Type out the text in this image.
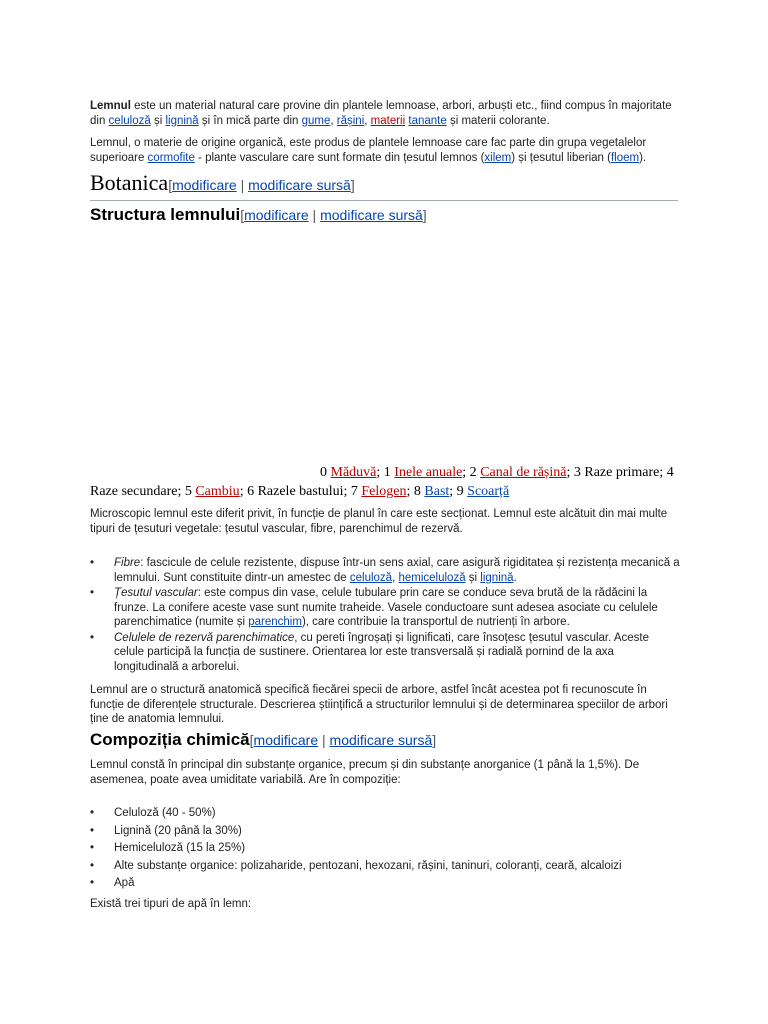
Lemnul este un material natural care provine din plantele lemnoase, arbori, arbuști etc., fiind compus în majoritate din celuloză și lignină și în mică parte din gume, rășini, materii tanante și materii colorante.

Lemnul, o materie de origine organică, este produs de plantele lemnoase care fac parte din grupa vegetalelor superioare cormofite - plante vasculare care sunt formate din țesutul lemnos (xilem) și țesutul liberian (floem).

Botanica[modificare | modificare sursă]
Structura lemnului[modificare | modificare sursă]
0 Măduvă; 1 Inele anuale; 2 Canal de rășină; 3 Raze primare; 4 Raze secundare; 5 Cambiu; 6 Razele bastului; 7 Felogen; 8 Bast; 9 Scoarță

Microscopic lemnul este diferit privit, în funcție de planul în care este secționat. Lemnul este alcătuit din mai multe tipuri de țesuturi vegetale: țesutul vascular, fibre, parenchimul de rezervă.

• Fibre: fascicule de celule rezistente, dispuse într-un sens axial, care asigură rigiditatea și rezistența mecanică a lemnului. Sunt constituite dintr-un amestec de celuloză, hemiceluloză și lignină.
• Țesutul vascular: este compus din vase, celule tubulare prin care se conduce seva brută de la rădăcini la frunze. La conifere aceste vase sunt numite traheide. Vasele conductoare sunt adesea asociate cu celulele parenchimatice (numite și parenchim), care contribuie la transportul de nutrienți în arbore.
• Celulele de rezervă parenchimatice, cu pereti îngroșați și lignificati, care însoțesc țesutul vascular. Aceste celule participă la funcția de sustinere. Orientarea lor este transversală și radială pornind de la axa longitudinală a arborelui.

Lemnul are o structură anatomică specifică fiecărei specii de arbore, astfel încât acestea pot fi recunoscute în funcție de diferențele structurale. Descrierea științifică a structurilor lemnului și de determinarea speciilor de arbori ține de anatomia lemnului.

Compoziția chimică[modificare | modificare sursă]

Lemnul constă în principal din substanțe organice, precum și din substanțe anorganice (1 până la 1,5%). De asemenea, poate avea umiditate variabilă. Are în compoziție:

• Celuloză (40 - 50%)
• Lignină (20 până la 30%)
• Hemiceluloză (15 la 25%)
• Alte substanțe organice: polizaharide, pentozani, hexozani, rășini, taninuri, coloranți, ceară, alcaloizi
• Apă

Există trei tipuri de apă în lemn:
